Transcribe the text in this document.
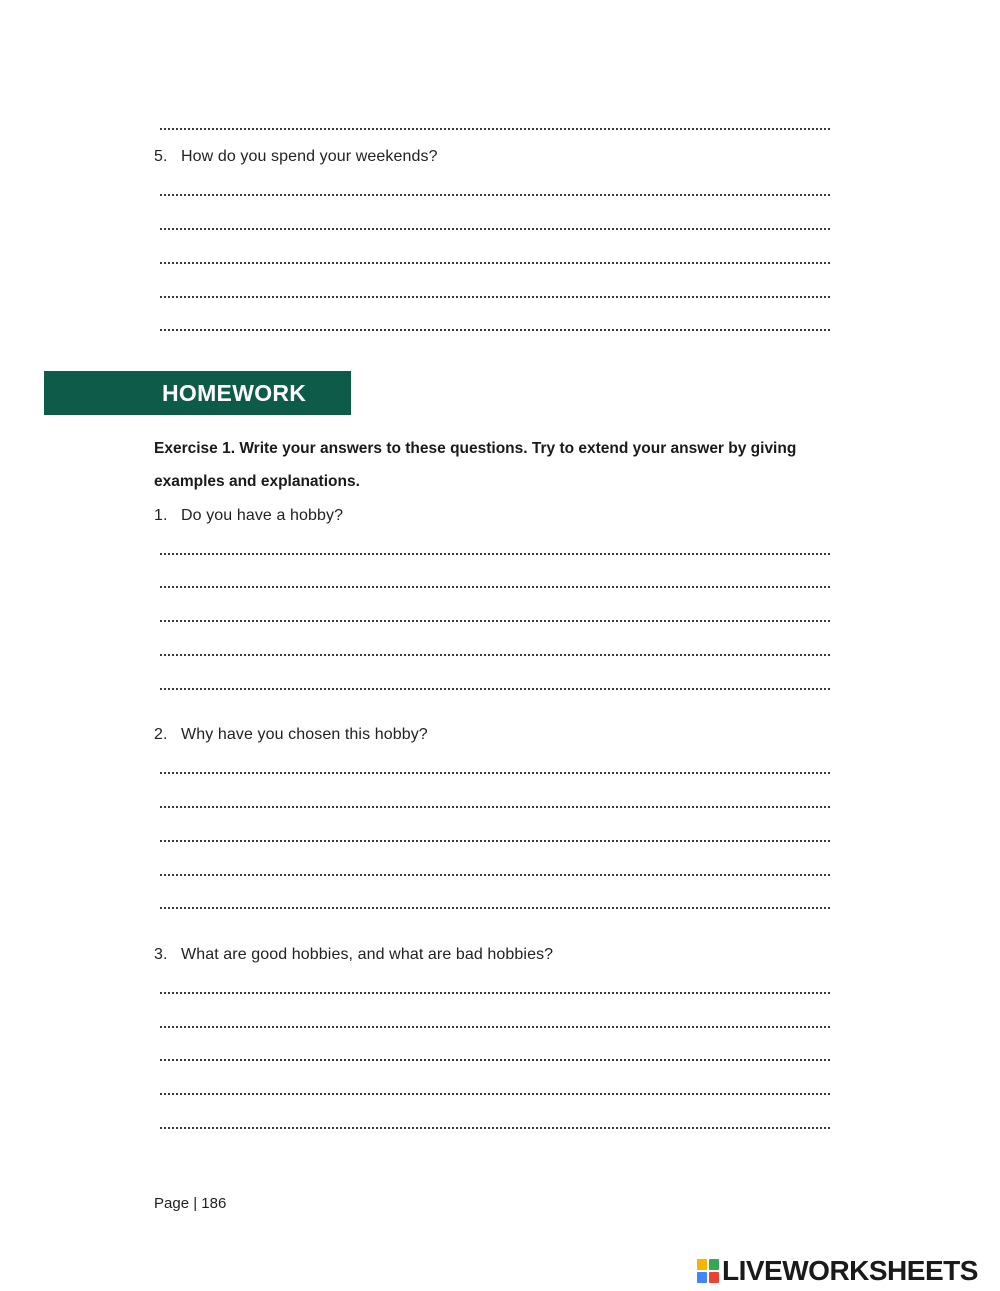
5. How do you spend your weekends?
HOMEWORK
Exercise 1. Write your answers to these questions. Try to extend your answer by giving
examples and explanations.
1. Do you have a hobby?
2. Why have you chosen this hobby?
3. What are good hobbies, and what are bad hobbies?
Page | 186
LIVEWORKSHEETS
